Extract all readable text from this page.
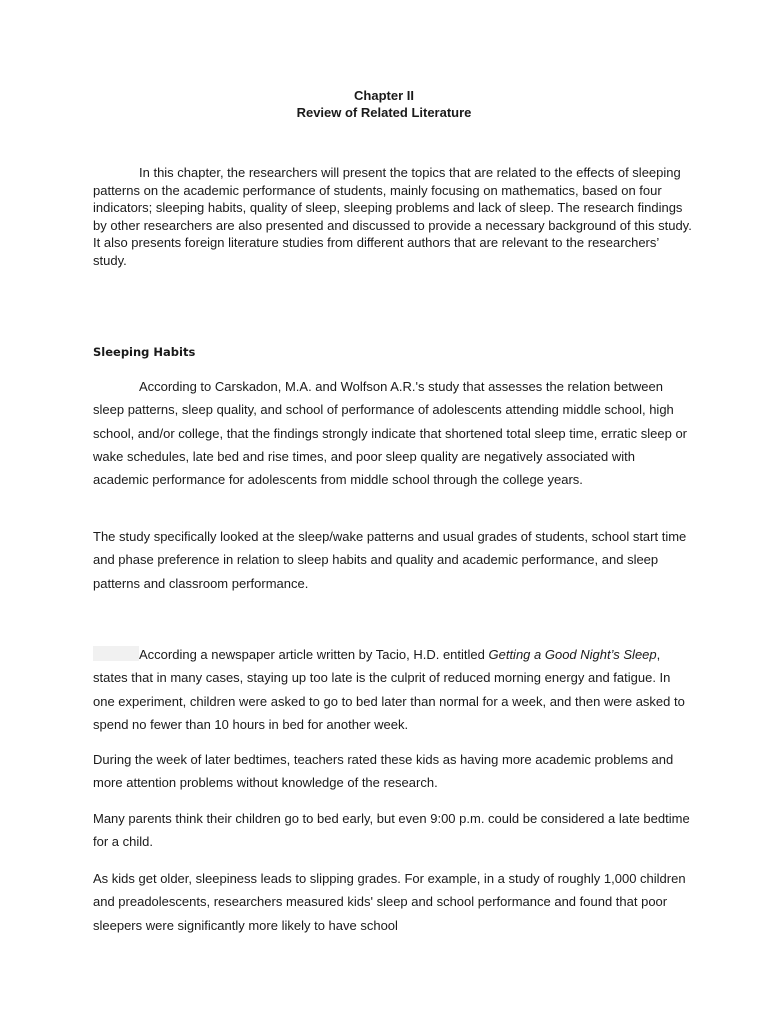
Chapter II
Review of Related Literature

In this chapter, the researchers will present the topics that are related to the effects of sleeping patterns on the academic performance of students, mainly focusing on mathematics, based on four indicators; sleeping habits, quality of sleep, sleeping problems and lack of sleep. The research findings by other researchers are also presented and discussed to provide a necessary background of this study. It also presents foreign literature studies from different authors that are relevant to the researchers’ study.

Sleeping Habits

According to Carskadon, M.A. and Wolfson A.R.'s study that assesses the relation between sleep patterns, sleep quality, and school of performance of adolescents attending middle school, high school, and/or college, that the findings strongly indicate that shortened total sleep time, erratic sleep or wake schedules, late bed and rise times, and poor sleep quality are negatively associated with academic performance for adolescents from middle school through the college years.

The study specifically looked at the sleep/wake patterns and usual grades of students, school start time and phase preference in relation to sleep habits and quality and academic performance, and sleep patterns and classroom performance.

According a newspaper article written by Tacio, H.D. entitled Getting a Good Night’s Sleep, states that in many cases, staying up too late is the culprit of reduced morning energy and fatigue. In one experiment, children were asked to go to bed later than normal for a week, and then were asked to spend no fewer than 10 hours in bed for another week.

During the week of later bedtimes, teachers rated these kids as having more academic problems and more attention problems without knowledge of the research.

Many parents think their children go to bed early, but even 9:00 p.m. could be considered a late bedtime for a child.

As kids get older, sleepiness leads to slipping grades. For example, in a study of roughly 1,000 children and preadolescents, researchers measured kids' sleep and school performance and found that poor sleepers were significantly more likely to have school
